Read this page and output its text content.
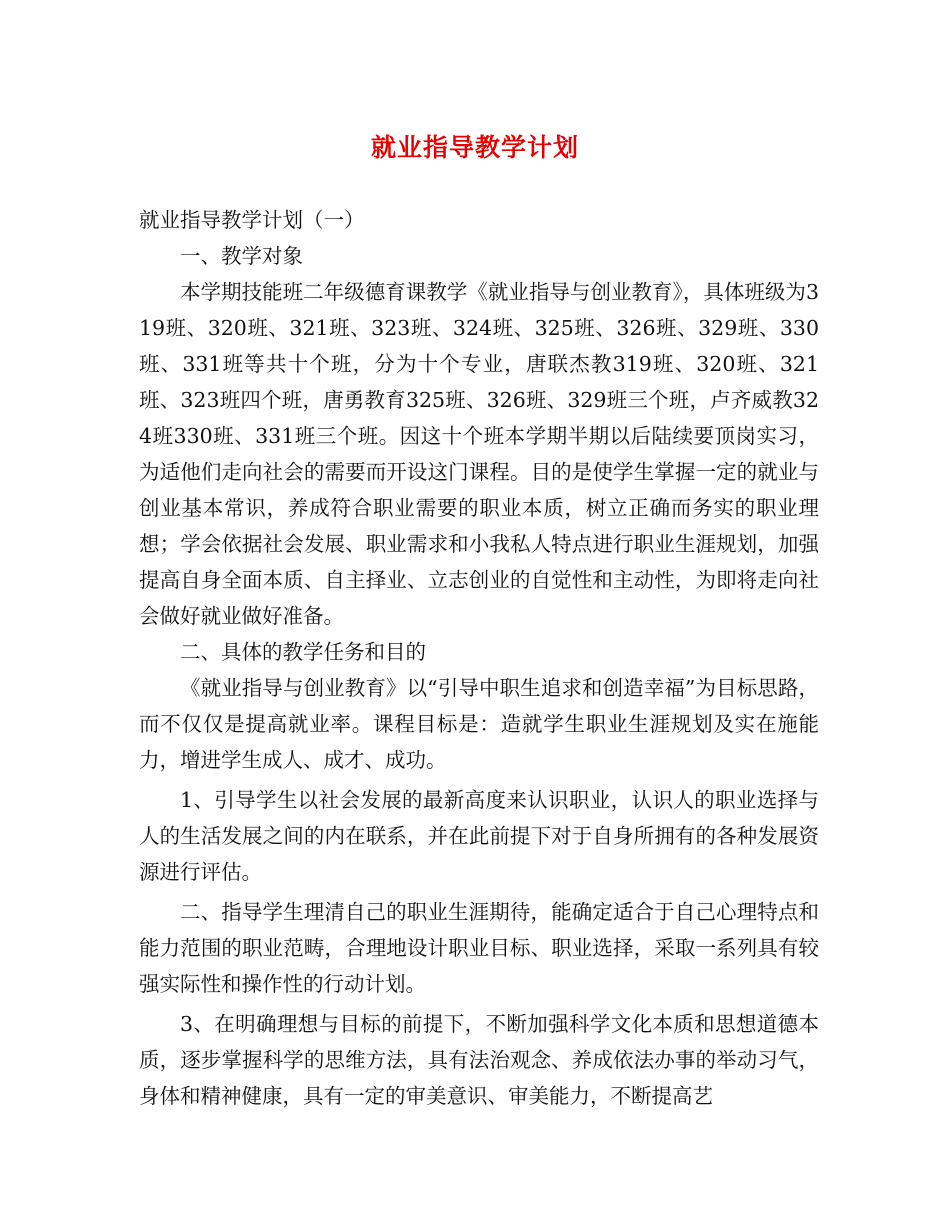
就业指导教学计划

就业指导教学计划（一）

一、教学对象

本学期技能班二年级德育课教学《就业指导与创业教育》，具体班级为319班、320班、321班、323班、324班、325班、326班、329班、330班、331班等共十个班，分为十个专业，唐联杰教319班、320班、321班、323班四个班，唐勇教育325班、326班、329班三个班，卢齐威教324班330班、331班三个班。因这十个班本学期半期以后陆续要顶岗实习，为适他们走向社会的需要而开设这门课程。目的是使学生掌握一定的就业与创业基本常识，养成符合职业需要的职业本质，树立正确而务实的职业理想；学会依据社会发展、职业需求和小我私人特点进行职业生涯规划，加强提高自身全面本质、自主择业、立志创业的自觉性和主动性，为即将走向社会做好就业做好准备。

二、具体的教学任务和目的

《就业指导与创业教育》以“引导中职生追求和创造幸福”为目标思路，而不仅仅是提高就业率。课程目标是：造就学生职业生涯规划及实在施能力，增进学生成人、成才、成功。

1、引导学生以社会发展的最新高度来认识职业，认识人的职业选择与人的生活发展之间的内在联系，并在此前提下对于自身所拥有的各种发展资源进行评估。

二、指导学生理清自己的职业生涯期待，能确定适合于自己心理特点和能力范围的职业范畴，合理地设计职业目标、职业选择，采取一系列具有较强实际性和操作性的行动计划。

3、在明确理想与目标的前提下，不断加强科学文化本质和思想道德本质，逐步掌握科学的思维方法，具有法治观念、养成依法办事的举动习气，身体和精神健康，具有一定的审美意识、审美能力，不断提高艺
